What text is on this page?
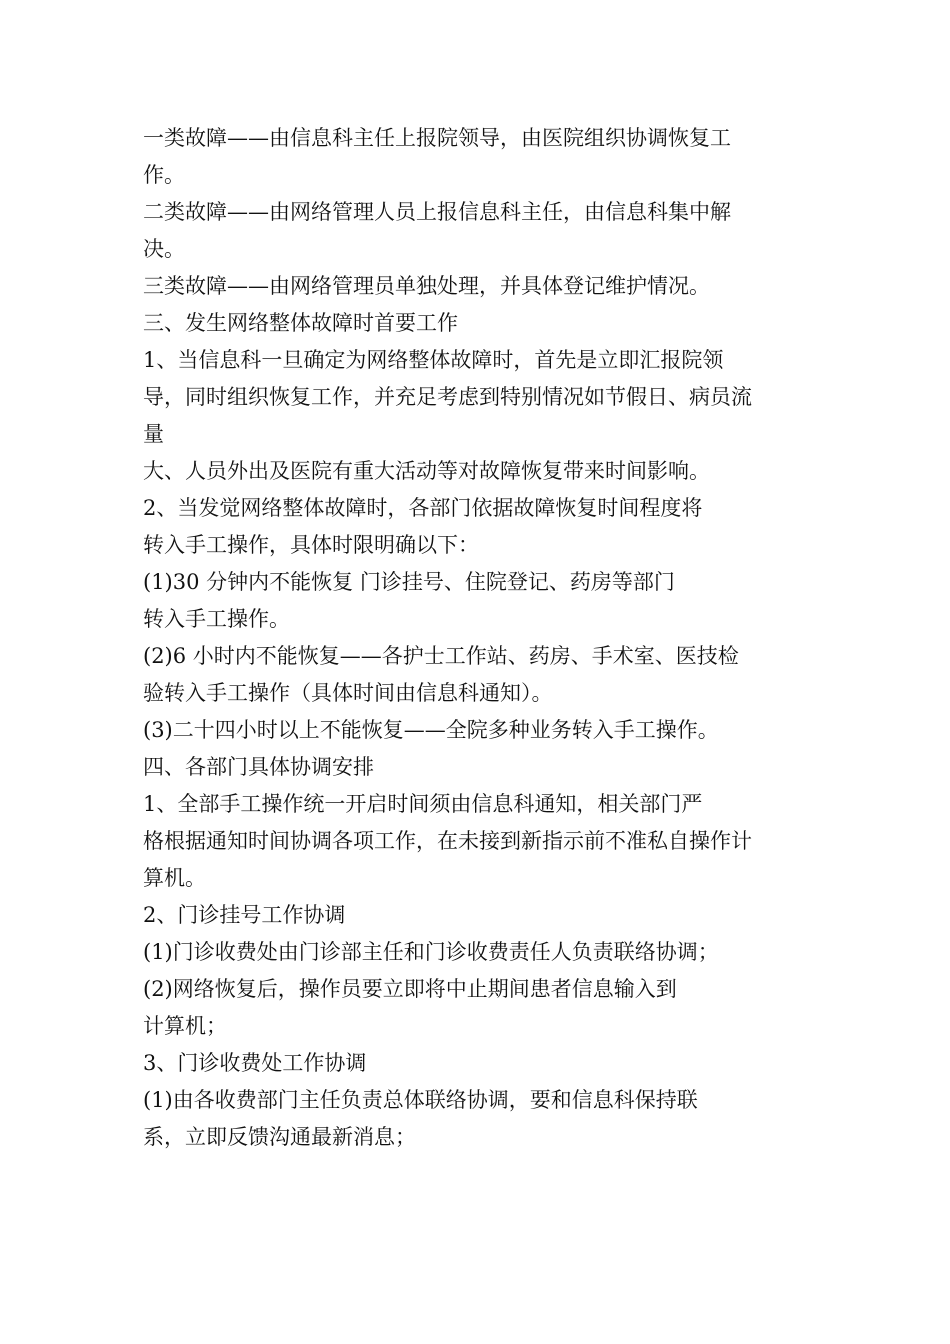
一类故障——由信息科主任上报院领导，由医院组织协调恢复工

作。

二类故障——由网络管理人员上报信息科主任，由信息科集中解

决。

三类故障——由网络管理员单独处理，并具体登记维护情况。

三、发生网络整体故障时首要工作

1、当信息科一旦确定为网络整体故障时，首先是立即汇报院领

导，同时组织恢复工作，并充足考虑到特别情况如节假日、病员流

量

大、人员外出及医院有重大活动等对故障恢复带来时间影响。

2、当发觉网络整体故障时，各部门依据故障恢复时间程度将

转入手工操作，具体时限明确以下：

(1)30 分钟内不能恢复 门诊挂号、住院登记、药房等部门

转入手工操作。

(2)6 小时内不能恢复——各护士工作站、药房、手术室、医技检

验转入手工操作（具体时间由信息科通知）。

(3)二十四小时以上不能恢复——全院多种业务转入手工操作。

四、各部门具体协调安排

1、全部手工操作统一开启时间须由信息科通知，相关部门严

格根据通知时间协调各项工作，在未接到新指示前不准私自操作计

算机。

2、门诊挂号工作协调

(1)门诊收费处由门诊部主任和门诊收费责任人负责联络协调；

(2)网络恢复后，操作员要立即将中止期间患者信息输入到

计算机；

3、门诊收费处工作协调

(1)由各收费部门主任负责总体联络协调，要和信息科保持联

系，立即反馈沟通最新消息；
